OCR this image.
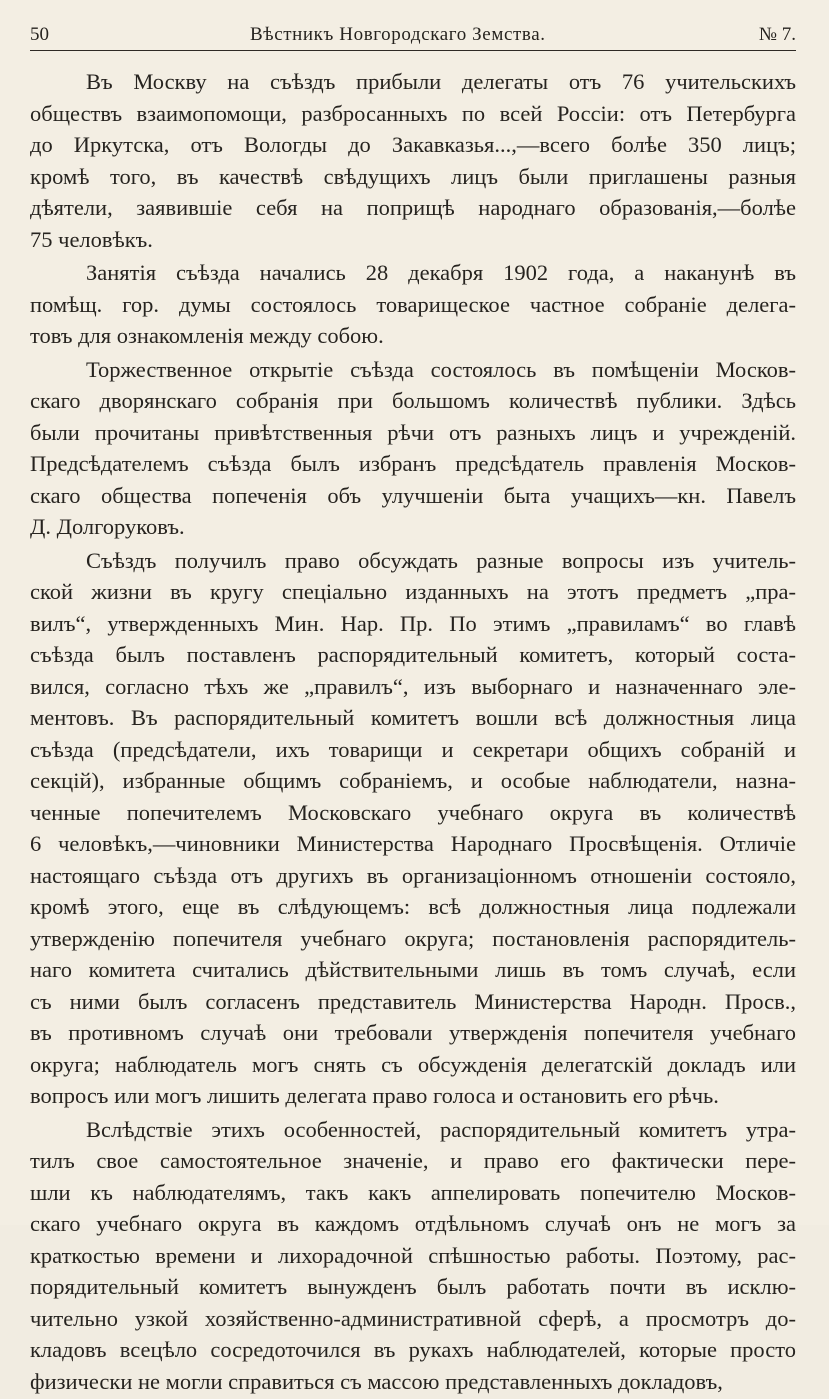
50	Вѣстникъ Новгородскаго Земства.	№ 7.
Въ Москву на съѣздъ прибыли делегаты отъ 76 учительскихъ
обществъ взаимопомощи, разбросанныхъ по всей Россіи: отъ Петербурга
до Иркутска, отъ Вологды до Закавказья...,—всего болѣе 350 лицъ;
кромѣ того, въ качествѣ свѣдущихъ лицъ были приглашены разныя
дѣятели, заявившіе себя на поприщѣ народнаго образованія,—болѣе
75 человѣкъ.
Занятія съѣзда начались 28 декабря 1902 года, а наканунѣ въ
помѣщ. гор. думы состоялось товарищеское частное собраніе делега-
товъ для ознакомленія между собою.
Торжественное открытіе съѣзда состоялось въ помѣщеніи Москов-
скаго дворянскаго собранія при большомъ количествѣ публики. Здѣсь
были прочитаны привѣтственныя рѣчи отъ разныхъ лицъ и учрежденій.
Предсѣдателемъ съѣзда былъ избранъ предсѣдатель правленія Москов-
скаго общества попеченія объ улучшеніи быта учащихъ—кн. Павелъ
Д. Долгоруковъ.
Съѣздъ получилъ право обсуждать разные вопросы изъ учитель-
ской жизни въ кругу спеціально изданныхъ на этотъ предметъ „пра-
вилъ“, утвержденныхъ Мин. Нар. Пр. По этимъ „правиламъ“ во главѣ
съѣзда былъ поставленъ распорядительный комитетъ, который соста-
вился, согласно тѣхъ же „правилъ“, изъ выборнаго и назначеннаго эле-
ментовъ. Въ распорядительный комитетъ вошли всѣ должностныя лица
съѣзда (предсѣдатели, ихъ товарищи и секретари общихъ собраній и
секцій), избранные общимъ собраніемъ, и особые наблюдатели, назна-
ченные попечителемъ Московскаго учебнаго округа въ количествѣ
6 человѣкъ,—чиновники Министерства Народнаго Просвѣщенія. Отличіе
настоящаго съѣзда отъ другихъ въ организаціонномъ отношеніи состояло,
кромѣ этого, еще въ слѣдующемъ: всѣ должностныя лица подлежали
утвержденію попечителя учебнаго округа; постановленія распорядитель-
наго комитета считались дѣйствительными лишь въ томъ случаѣ, если
съ ними былъ согласенъ представитель Министерства Народн. Просв.,
въ противномъ случаѣ они требовали утвержденія попечителя учебнаго
округа; наблюдатель могъ снять съ обсужденія делегатскій докладъ или
вопросъ или могъ лишить делегата право голоса и остановить его рѣчь.
Вслѣдствіе этихъ особенностей, распорядительный комитетъ утра-
тилъ свое самостоятельное значеніе, и право его фактически пере-
шли къ наблюдателямъ, такъ какъ аппелировать попечителю Москов-
скаго учебнаго округа въ каждомъ отдѣльномъ случаѣ онъ не могъ за
краткостью времени и лихорадочной спѣшностью работы. Поэтому, рас-
порядительный комитетъ вынужденъ былъ работать почти въ исклю-
чительно узкой хозяйственно-административной сферѣ, а просмотръ до-
кладовъ всецѣло сосредоточился въ рукахъ наблюдателей, которые просто
физически не могли справиться съ массою представленныхъ докладовъ,
